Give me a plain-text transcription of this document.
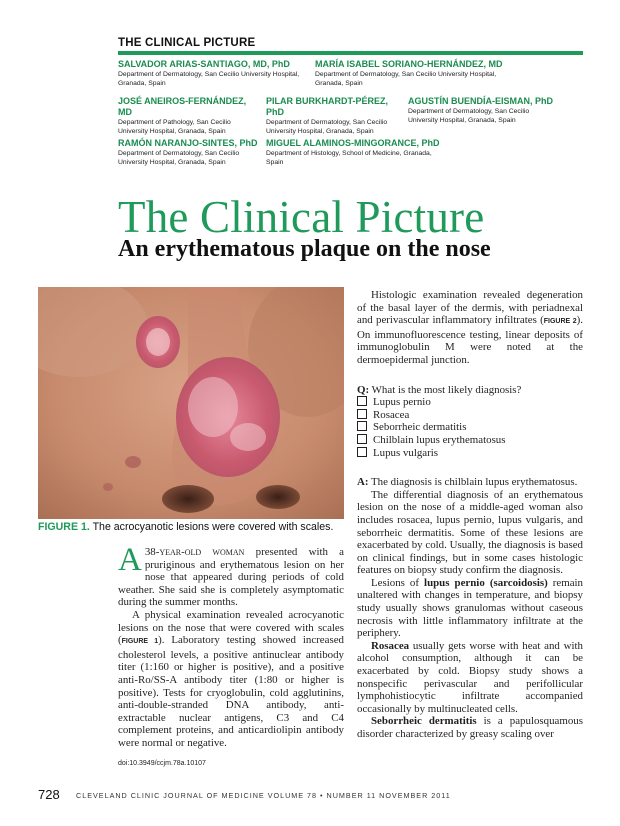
THE CLINICAL PICTURE
SALVADOR ARIAS-SANTIAGO, MD, PhD
Department of Dermatology, San Cecilio University Hospital, Granada, Spain
MARÍA ISABEL SORIANO-HERNÁNDEZ, MD
Department of Dermatology, San Cecilio University Hospital, Granada, Spain
JOSÉ ANEIROS-FERNÁNDEZ, MD
Department of Pathology, San Cecilio University Hospital, Granada, Spain
PILAR BURKHARDT-PÉREZ, PhD
Department of Dermatology, San Cecilio University Hospital, Granada, Spain
AGUSTÍN BUENDÍA-EISMAN, PhD
Department of Dermatology, San Cecilio University Hospital, Granada, Spain
RAMÓN NARANJO-SINTES, PhD
Department of Dermatology, San Cecilio University Hospital, Granada, Spain
MIGUEL ALAMINOS-MINGORANCE, PhD
Department of Histology, School of Medicine, Granada, Spain
The Clinical Picture
An erythematous plaque on the nose
FIGURE 1. The acrocyanotic lesions were covered with scales.

A 38-year-old woman presented with a pruriginous and erythematous lesion on her nose that appeared during periods of cold weather. She said she is completely asymptomatic during the summer months.

A physical examination revealed acrocyanotic lesions on the nose that were covered with scales (FIGURE 1). Laboratory testing showed increased cholesterol levels, a positive antinuclear antibody titer (1:160 or higher is positive), and a positive anti-Ro/SS-A antibody titer (1:80 or higher is positive). Tests for cryoglobulin, cold agglutinins, anti-double-stranded DNA antibody, anti-extractable nuclear antigens, C3 and C4 complement proteins, and anticardiolipin antibody were normal or negative.

doi:10.3949/ccjm.78a.10107

Histologic examination revealed degeneration of the basal layer of the dermis, with periadnexal and perivascular inflammatory infiltrates (FIGURE 2). On immunofluorescence testing, linear deposits of immunoglobulin M were noted at the dermoepidermal junction.

Q: What is the most likely diagnosis?

Lupus pernio
Rosacea
Seborrheic dermatitis
Chilblain lupus erythematosus
Lupus vulgaris

A: The diagnosis is chilblain lupus erythematosus.

The differential diagnosis of an erythematous lesion on the nose of a middle-aged woman also includes rosacea, lupus pernio, lupus vulgaris, and seborrheic dermatitis. Some of these lesions are exacerbated by cold. Usually, the diagnosis is based on clinical findings, but in some cases histologic features on biopsy study confirm the diagnosis.

Lesions of lupus pernio (sarcoidosis) remain unaltered with changes in temperature, and biopsy study usually shows granulomas without caseous necrosis with little inflammatory infiltrate at the periphery.

Rosacea usually gets worse with heat and with alcohol consumption, although it can be exacerbated by cold. Biopsy study shows a nonspecific perivascular and perifollicular lymphohistiocytic infiltrate accompanied occasionally by multinucleated cells.

Seborrheic dermatitis is a papulosquamous disorder characterized by greasy scaling over

728 CLEVELAND CLINIC JOURNAL OF MEDICINE VOLUME 78 • NUMBER 11 NOVEMBER 2011
